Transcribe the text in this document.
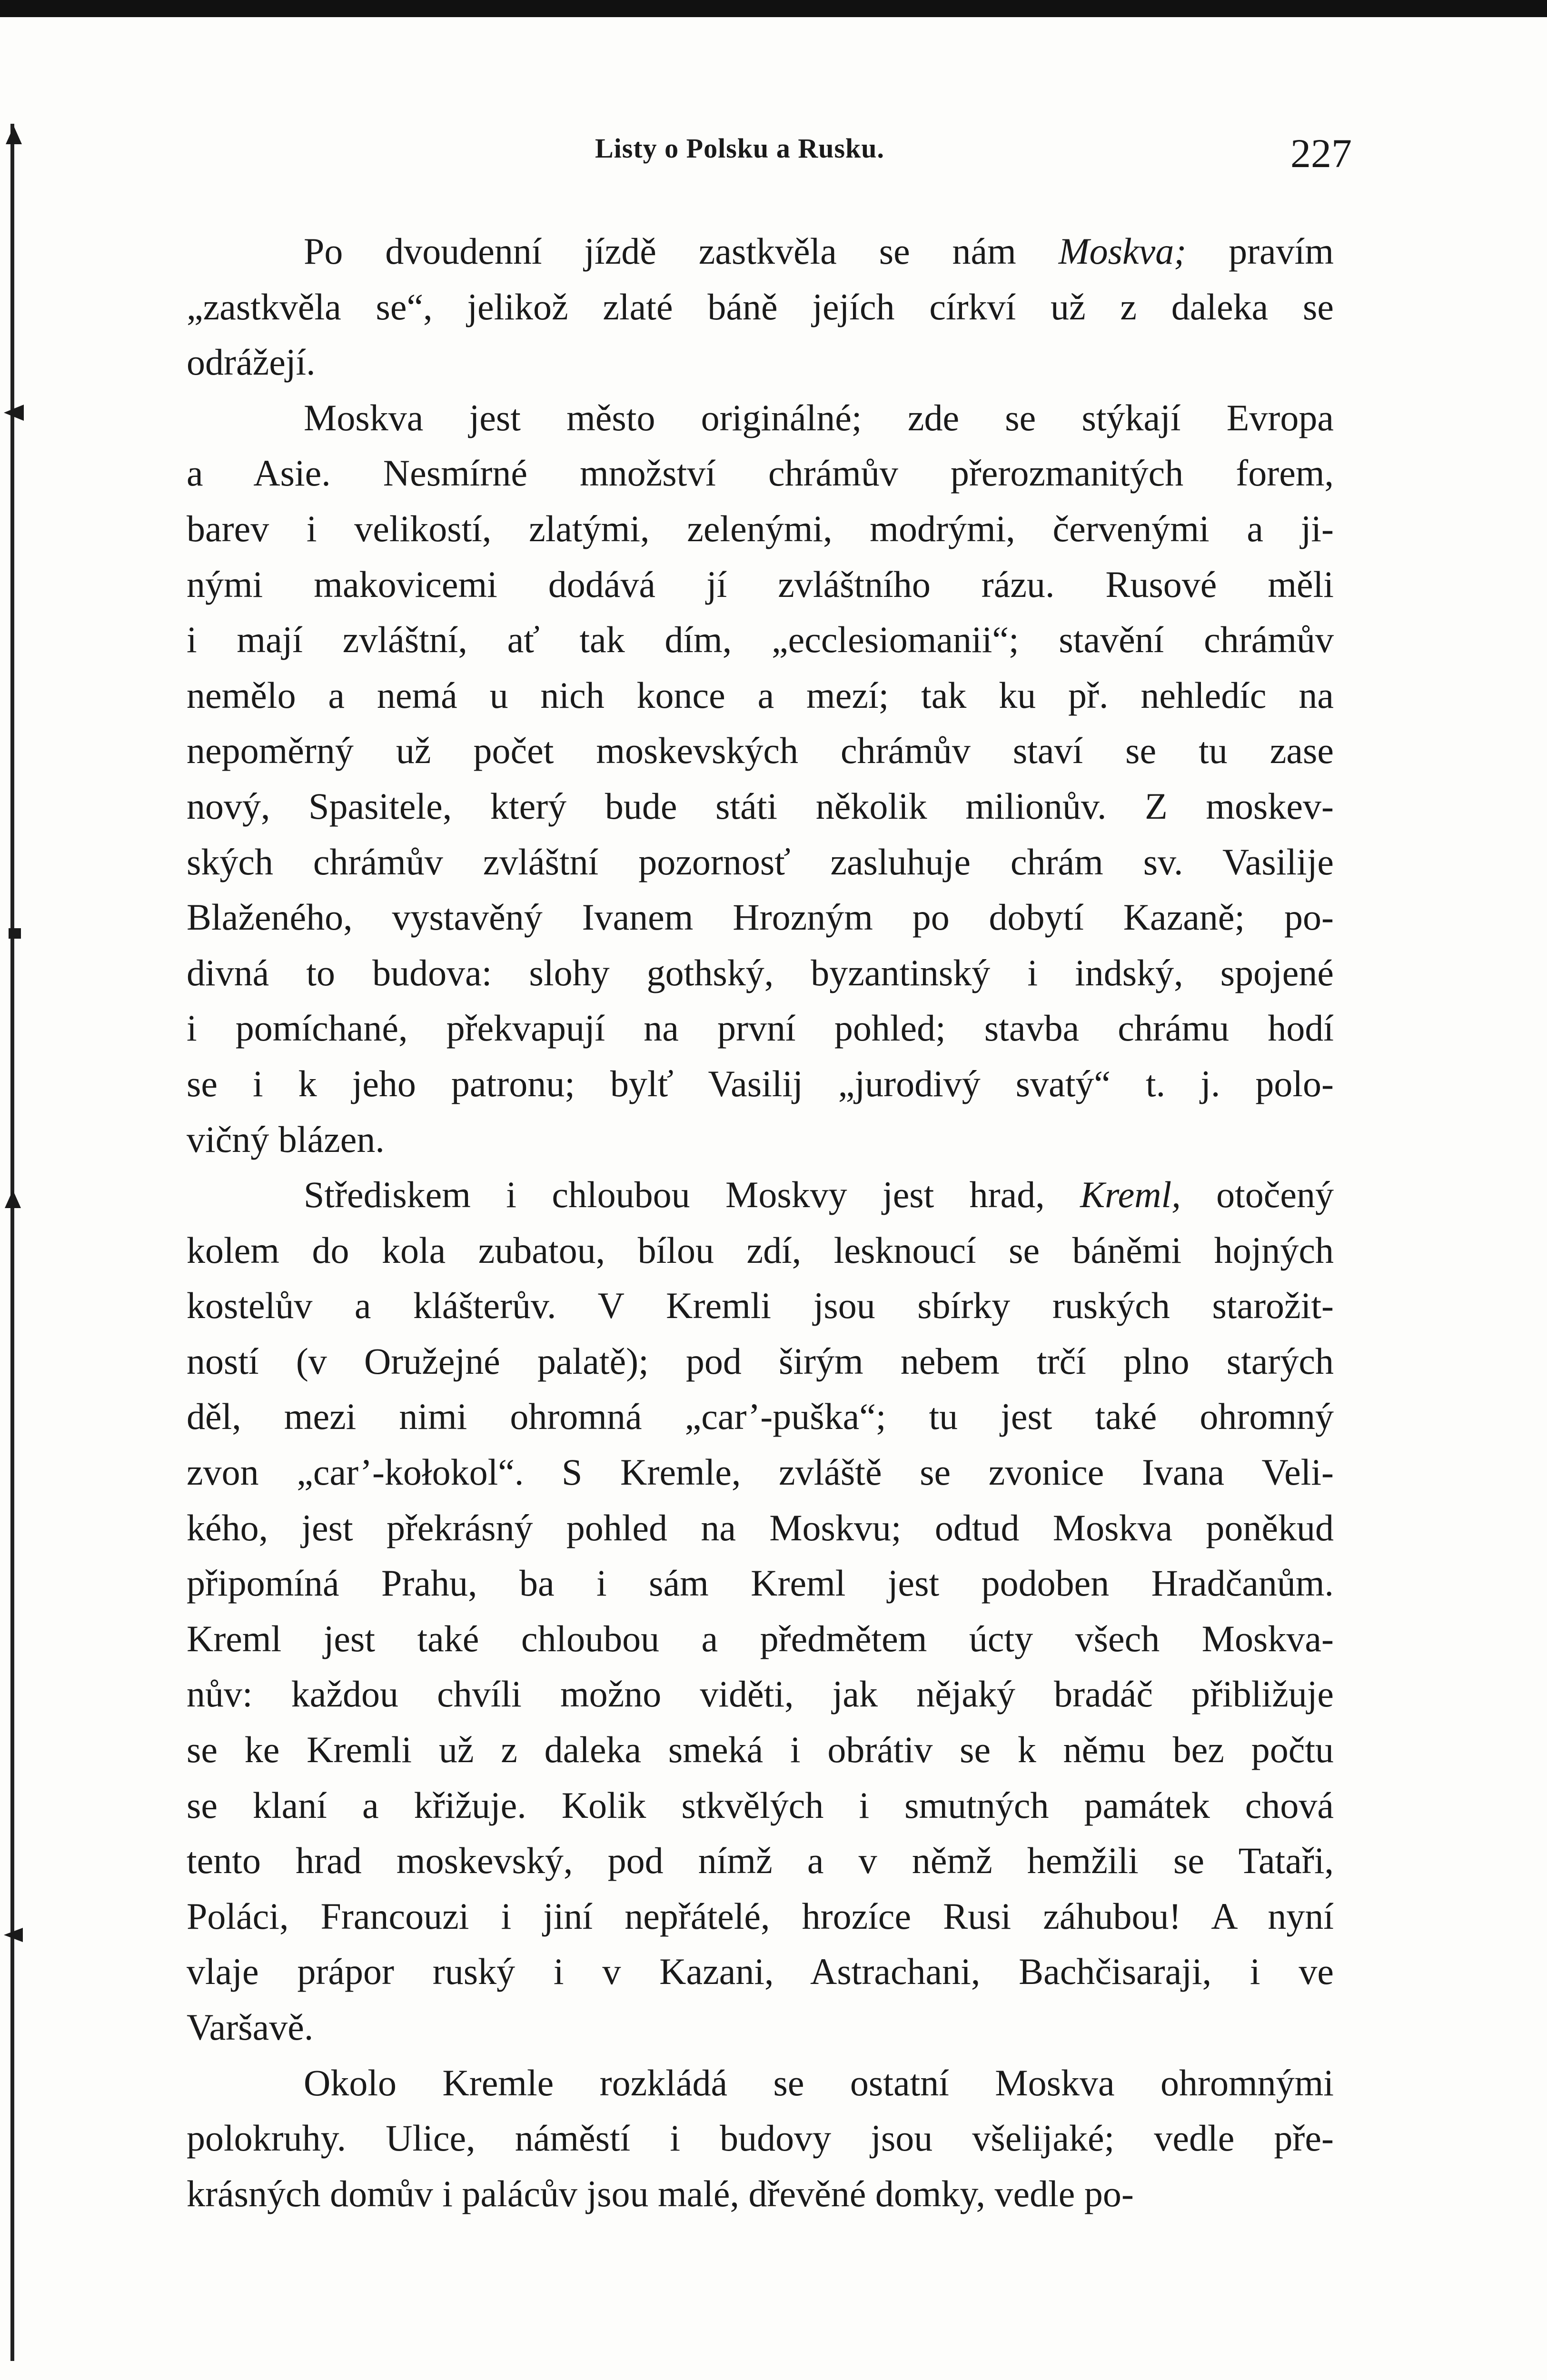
Listy o Polsku a Rusku.	227
Po dvoudenní jízdě zastkvěla se nám Moskva; pravím
„zastkvěla se“, jelikož zlaté báně jejích církví už z daleka se
odrážejí.
Moskva jest město originálné; zde se stýkají Evropa
a Asie. Nesmírné množství chrámův přerozmanitých forem,
barev i velikostí, zlatými, zelenými, modrými, červenými a ji-
nými makovicemi dodává jí zvláštního rázu. Rusové měli
i mají zvláštní, ať tak dím, „ecclesiomanii“; stavění chrámův
nemělo a nemá u nich konce a mezí; tak ku př. nehledíc na
nepoměrný už počet moskevských chrámův staví se tu zase
nový, Spasitele, který bude státi několik milionův. Z moskev-
ských chrámův zvláštní pozornosť zasluhuje chrám sv. Vasilije
Blaženého, vystavěný Ivanem Hrozným po dobytí Kazaně; po-
divná to budova: slohy gothský, byzantinský i indský, spojené
i pomíchané, překvapují na první pohled; stavba chrámu hodí
se i k jeho patronu; bylť Vasilij „jurodivý svatý“ t. j. polo-
vičný blázen.
Střediskem i chloubou Moskvy jest hrad, Kreml, otočený
kolem do kola zubatou, bílou zdí, lesknoucí se báněmi hojných
kostelův a klášterův. V Kremli jsou sbírky ruských starožit-
ností (v Oružejné palatě); pod širým nebem trčí plno starých
děl, mezi nimi ohromná „car’-puška“; tu jest také ohromný
zvon „car’-kołokol“. S Kremle, zvláště se zvonice Ivana Veli-
kého, jest překrásný pohled na Moskvu; odtud Moskva poněkud
připomíná Prahu, ba i sám Kreml jest podoben Hradčanům.
Kreml jest také chloubou a předmětem úcty všech Moskva-
nův: každou chvíli možno viděti, jak nějaký bradáč přibližuje
se ke Kremli už z daleka smeká i obrátiv se k němu bez počtu
se klaní a křižuje. Kolik stkvělých i smutných památek chová
tento hrad moskevský, pod nímž a v němž hemžili se Tataři,
Poláci, Francouzi i jiní nepřátelé, hrozíce Rusi záhubou! A nyní
vlaje prápor ruský i v Kazani, Astrachani, Bachčisaraji, i ve
Varšavě.
Okolo Kremle rozkládá se ostatní Moskva ohromnými
polokruhy. Ulice, náměstí i budovy jsou všelijaké; vedle pře-
krásných domův i palácův jsou malé, dřevěné domky, vedle po-
